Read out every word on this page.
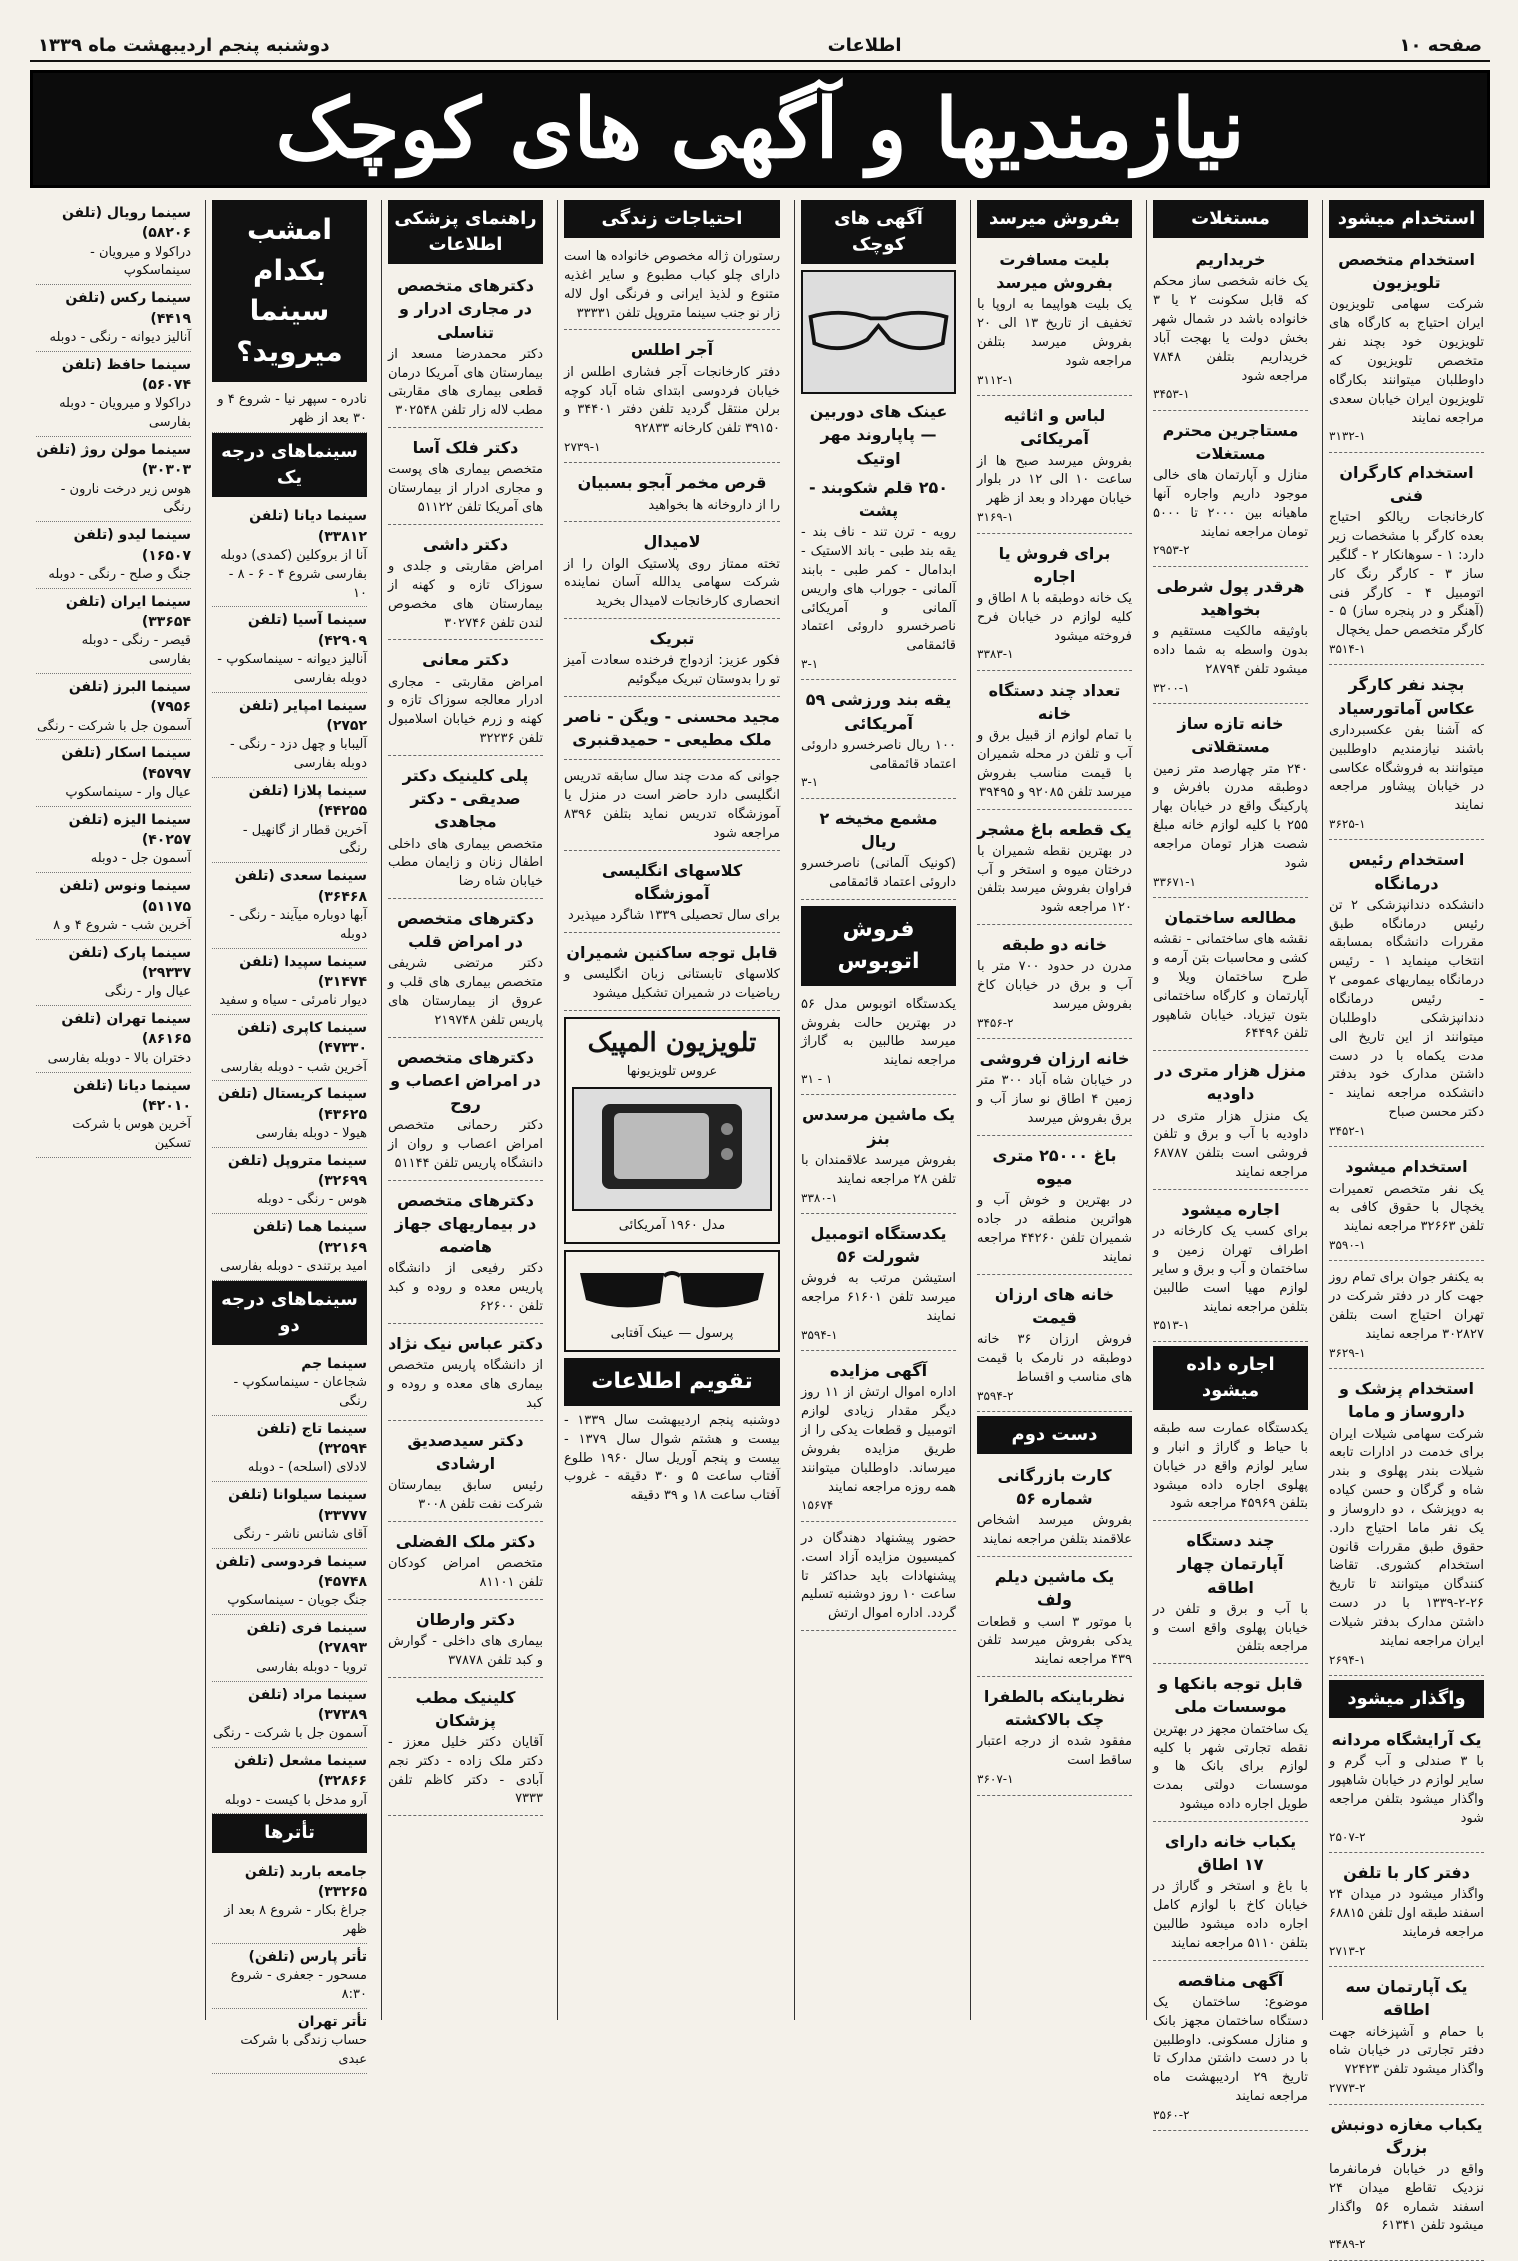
صفحه ۱۰
اطلاعات
دوشنبه پنجم اردیبهشت ماه ۱۳۳۹
نیازمندیها و آگهی های کوچک
استخدام میشود
استخدام متخصص تلویزیون
شرکت سهامی تلویزیون ایران احتیاج به کارگاه های تلویزیون خود بچند نفر متخصص تلویزیون که داوطلبان میتوانند بکارگاه تلویزیون ایران خیابان سعدی مراجعه نمایند
۳۱۳۲-۱
استخدام کارگران فنی
کارخانجات ریالکو احتیاج بعده کارگر با مشخصات زیر دارد: ۱ - سوهانکار ۲ - گلگیر ساز ۳ - کارگر رنگ کار اتومبیل ۴ - کارگر فنی (آهنگر و در پنجره ساز) ۵ - کارگر متخصص حمل یخچال
۳۵۱۴-۱
بچند نفر کارگر عکاس آماتورسیاد
که آشنا بفن عکسبرداری باشند نیازمندیم داوطلبین میتوانند به فروشگاه عکاسی در خیابان پیشاور مراجعه نمایند
۳۶۲۵-۱
استخدام رئیس درمانگاه
دانشکده دندانپزشکی ۲ تن رئیس درمانگاه طبق مقررات دانشگاه بمسابقه انتخاب مینماید ۱ - رئیس درمانگاه بیماریهای عمومی ۲ - رئیس درمانگاه دندانپزشکی داوطلبان میتوانند از این تاریخ الی مدت یکماه با در دست داشتن مدارک خود بدفتر دانشکده مراجعه نمایند - دکتر محسن صباح
۳۴۵۲-۱
استخدام میشود
یک نفر متخصص تعمیرات یخچال با حقوق کافی به تلفن ۳۲۶۶۳ مراجعه نمایند
۳۵۹۰-۱
به یکنفر جوان برای تمام روز جهت کار در دفتر شرکت در تهران احتیاج است بتلفن ۳۰۲۸۲۷ مراجعه نمایند
۳۶۲۹-۱
استخدام پزشک و داروساز و ماما
شرکت سهامی شیلات ایران برای خدمت در ادارات تابعه شیلات بندر پهلوی و بندر شاه و گرگان و حسن کیاده به دوپزشک ، دو داروساز و یک نفر ماما احتیاج دارد. حقوق طبق مقررات قانون استخدام کشوری. تقاضا کنندگان میتوانند تا تاریخ ۲۶-۲-۱۳۳۹ با در دست داشتن مدارک بدفتر شیلات ایران مراجعه نمایند
۲۶۹۴-۱
واگذار میشود
یک آرایشگاه مردانه
با ۳ صندلی و آب گرم و سایر لوازم در خیابان شاهپور واگذار میشود بتلفن مراجعه شود
۲۵۰۷-۲
دفتر کار با تلفن
واگذار میشود در میدان ۲۴ اسفند طبقه اول تلفن ۶۸۸۱۵ مراجعه فرمایند
۲۷۱۳-۲
یک آپارتمان سه اطاقه
با حمام و آشپزخانه جهت دفتر تجارتی در خیابان شاه واگذار میشود تلفن ۷۲۴۲۳
۲۷۷۳-۲
یکباب مغازه دونبش بزرگ
واقع در خیابان فرمانفرما نزدیک تقاطع میدان ۲۴ اسفند شماره ۵۶ واگذار میشود تلفن ۶۱۳۴۱
۳۴۸۹-۲
مستغلات
خریداریم
یک خانه شخصی ساز محکم که قابل سکونت ۲ یا ۳ خانواده باشد در شمال شهر بخش دولت یا بهجت آباد خریداریم بتلفن ۷۸۴۸ مراجعه شود
۳۴۵۳-۱
مستاجرین محترم مستغلات
منازل و آپارتمان های خالی موجود داریم واجاره آنها ماهیانه بین ۲۰۰۰ تا ۵۰۰۰ تومان مراجعه نمایند
۲۹۵۳-۲
هرقدر پول شرطی بخواهید
باوثیقه مالکیت مستقیم و بدون واسطه به شما داده میشود تلفن ۲۸۷۹۴
۳۲۰۰-۱
خانه تازه ساز مستقلاتی
۲۴۰ متر چهارصد متر زمین دوطبقه مدرن بافرش و پارکینگ واقع در خیابان بهار ۲۵۵ با کلیه لوازم خانه مبلغ شصت هزار تومان مراجعه شود
۳۳۶۷۱-۱
مطالعه ساختمان
نقشه های ساختمانی - نقشه کشی و محاسبات بتن آرمه و طرح ساختمان ویلا و آپارتمان و کارگاه ساختمانی بتون تیزیاد. خیابان شاهپور تلفن ۶۴۴۹۶
منزل هزار متری در داودیه
یک منزل هزار متری در داودیه با آب و برق و تلفن فروشی است بتلفن ۶۸۷۸۷ مراجعه نمایند
اجاره میشود
برای کسب یک کارخانه در اطراف تهران زمین و ساختمان و آب و برق و سایر لوازم مهیا است طالبین بتلفن مراجعه نمایند
۳۵۱۳-۱
اجاره داده میشود
یکدستگاه عمارت سه طبقه با حیاط و گاراژ و انبار و سایر لوازم واقع در خیابان پهلوی اجاره داده میشود بتلفن ۴۵۹۶۹ مراجعه شود
چند دستگاه آپارتمان چهار اطاقه
با آب و برق و تلفن در خیابان پهلوی واقع است و مراجعه بتلفن
قابل توجه بانکها و موسسات ملی
یک ساختمان مجهز در بهترین نقطه تجارتی شهر با کلیه لوازم برای بانک ها و موسسات دولتی بمدت طویل اجاره داده میشود
یکباب خانه دارای ۱۷ اطاق
با باغ و استخر و گاراژ در خیابان کاخ با لوازم کامل اجاره داده میشود طالبین بتلفن ۵۱۱۰ مراجعه نمایند
آگهی مناقصه
موضوع: ساختمان یک دستگاه ساختمان مجهز بانک و منازل مسکونی. داوطلبین با در دست داشتن مدارک تا تاریخ ۲۹ اردیبهشت ماه مراجعه نمایند
۳۵۶۰-۲
بفروش میرسد
بلیت مسافرت بفروش میرسد
یک بلیت هواپیما به اروپا با تخفیف از تاریخ ۱۳ الی ۲۰ بفروش میرسد بتلفن مراجعه شود
۳۱۱۲-۱
لباس و اثاثیه آمریکائی
بفروش میرسد صبح ها از ساعت ۱۰ الی ۱۲ در بلوار خیابان مهرداد و بعد از ظهر
۳۱۶۹-۱
برای فروش یا اجاره
یک خانه دوطبقه با ۸ اطاق و کلیه لوازم در خیابان فرح فروخته میشود
۳۳۸۳-۱
تعداد چند دستگاه خانه
با تمام لوازم از قبیل برق و آب و تلفن در محله شمیران با قیمت مناسب بفروش میرسد تلفن ۹۲۰۸۵ و ۳۹۴۹۵
یک قطعه باغ مشجر
در بهترین نقطه شمیران با درختان میوه و استخر و آب فراوان بفروش میرسد بتلفن ۱۲۰ مراجعه شود
خانه دو طبقه
مدرن در حدود ۷۰۰ متر با آب و برق در خیابان کاخ بفروش میرسد
۳۴۵۶-۲
خانه ارزان فروشی
در خیابان شاه آباد ۳۰۰ متر زمین ۴ اطاق نو ساز آب و برق بفروش میرسد
باغ ۲۵۰۰۰ متری میوه
در بهترین و خوش آب و هواترین منطقه در جاده شمیران تلفن ۴۴۲۶۰ مراجعه نمایند
خانه های ارزان قیمت
فروش ارزان ۳۶ خانه دوطبقه در نارمک با قیمت های مناسب و اقساط
۳۵۹۴-۲
دست دوم
کارت بازرگانی شماره ۵۶
بفروش میرسد اشخاص علاقمند بتلفن مراجعه نمایند
یک ماشین دیلم ولف
با موتور ۳ اسب و قطعات یدکی بفروش میرسد تلفن ۴۳۹ مراجعه نمایند
نظرباینکه بالطفرا چک بالاکشته
مفقود شده از درجه اعتبار ساقط است
۳۶۰۷-۱
آگهی های کوچک
عینک های دوربین — پاپاروند مهر اوتیک
۲۵۰ قلم شکوبند - پشت
رویه - ترن تند - ناف بند - یقه بند طبی - باند الاستیک - ابدامال - کمر طبی - بابند آلمانی - جوراب های واریس آلمانی و آمریکائی ناصرخسرو داروئی اعتماد قائمقامی
۳-۱
یقه بند ورزشی ۵۹ آمریکائی
۱۰۰ ریال ناصرخسرو داروئی اعتماد قائمقامی
۳-۱
مشمع مخیخه ۲ ریال
(کونیک آلمانی) ناصرخسرو داروئی اعتماد قائمقامی
فروش اتوبوس
یکدستگاه اتوبوس مدل ۵۶ در بهترین حالت بفروش میرسد طالبین به گاراژ مراجعه نمایند
۳۱ - ۱
یک ماشین مرسدس بنز
بفروش میرسد علاقمندان با تلفن ۲۸ مراجعه نمایند
۳۳۸۰-۱
یکدستگاه اتومبیل شورلت ۵۶
استیشن مرتب به فروش میرسد تلفن ۶۱۶۰۱ مراجعه نمایند
۳۵۹۴-۱
آگهی مزایده
اداره اموال ارتش از ۱۱ روز دیگر مقدار زیادی لوازم اتومبیل و قطعات یدکی را از طریق مزایده بفروش میرساند. داوطلبان میتوانند همه روزه مراجعه نمایند
۱۵۶۷۴
حضور پیشنهاد دهندگان در کمیسیون مزایده آزاد است. پیشنهادات باید حداکثر تا ساعت ۱۰ روز دوشنبه تسلیم گردد. اداره اموال ارتش
احتیاجات زندگی
رستوران ژاله مخصوص خانواده ها است دارای چلو کباب مطبوع و سایر اغذیه متنوع و لذیذ ایرانی و فرنگی اول لاله زار نو جنب سینما متروپل تلفن ۳۳۳۳۱
آجر اطلس
دفتر کارخانجات آجر فشاری اطلس از خیابان فردوسی ابتدای شاه آباد کوچه برلن منتقل گردید تلفن دفتر ۳۴۴۰۱ و ۳۹۱۵۰ تلفن کارخانه ۹۲۸۳۳
۲۷۳۹-۱
قرص مخمر آبجو بسبیان
را از داروخانه ها بخواهید
لامیدال
تخته ممتاز روی پلاستیک الوان را از شرکت سهامی یدالله آسان نماینده انحصاری کارخانجات لامیدال بخرید
تبریک
فکور عزیز: ازدواج فرخنده سعادت آمیز تو را بدوستان تبریک میگوئیم
مجید محسنی - ویگن - ناصر ملک مطیعی - حمیدقنبری
جوانی که مدت چند سال سابقه تدریس انگلیسی دارد حاضر است در منزل یا آموزشگاه تدریس نماید بتلفن ۸۳۹۶ مراجعه شود
کلاسهای انگلیسی آموزشگاه
برای سال تحصیلی ۱۳۳۹ شاگرد میپذیرد
قابل توجه ساکنین شمیران
کلاسهای تابستانی زبان انگلیسی و ریاضیات در شمیران تشکیل میشود
تلویزیون المپیک
عروس تلویزیونها
مدل ۱۹۶۰ آمریکائی
پرسول — عینک آفتابی
تقویم اطلاعات
دوشنبه پنجم اردیبهشت سال ۱۳۳۹ - بیست و هشتم شوال سال ۱۳۷۹ - بیست و پنجم آوریل سال ۱۹۶۰ طلوع آفتاب ساعت ۵ و ۳۰ دقیقه - غروب آفتاب ساعت ۱۸ و ۳۹ دقیقه
راهنمای پزشکی اطلاعات
دکترهای متخصص در مجاری ادرار و تناسلی
دکتر محمدرضا مسعد از بیمارستان های آمریکا درمان قطعی بیماری های مقاربتی مطب لاله زار تلفن ۳۰۲۵۴۸
دکتر فلک آسا
متخصص بیماری های پوست و مجاری ادرار از بیمارستان های آمریکا تلفن ۵۱۱۲۲
دکتر داشی
امراض مقاربتی و جلدی و سوزاک تازه و کهنه از بیمارستان های مخصوص لندن تلفن ۳۰۲۷۴۶
دکتر معانی
امراض مقاربتی - مجاری ادرار معالجه سوزاک تازه و کهنه و زرم خیابان اسلامبول تلفن ۳۲۲۳۶
پلی کلینیک دکتر صدیقی - دکتر مجاهدی
متخصص بیماری های داخلی اطفال زنان و زایمان مطب خیابان شاه رضا
دکترهای متخصص در امراض قلب
دکتر مرتضی شریفی متخصص بیماری های قلب و عروق از بیمارستان های پاریس تلفن ۲۱۹۷۴۸
دکترهای متخصص در امراض اعصاب و روح
دکتر رحمانی متخصص امراض اعصاب و روان از دانشگاه پاریس تلفن ۵۱۱۴۴
دکترهای متخصص در بیماریهای جهاز هاضمه
دکتر رفیعی از دانشگاه پاریس معده و روده و کبد تلفن ۶۲۶۰۰
دکتر عباس نیک نژاد
از دانشگاه پاریس متخصص بیماری های معده و روده و کبد
دکتر سیدصدیق ارشادی
رئیس سابق بیمارستان شرکت نفت تلفن ۳۰۰۸
دکتر ملک الفضلی
متخصص امراض کودکان تلفن ۸۱۱۰۱
دکتر وارطان
بیماری های داخلی - گوارش و کبد تلفن ۳۷۸۷۸
کلینیک مطب پزشکان
آقایان دکتر خلیل معزز - دکتر ملک زاده - دکتر نجم آبادی - دکتر کاظم تلفن ۷۳۳۳
امشب بکدام سینما میروید؟
نادره - سپهر نیا - شروع ۴ و ۳۰ بعد از ظهر
سینماهای درجه یک
سینما دیانا (تلفن ۳۳۸۱۲)
آنا از بروکلین (کمدی) دوبله بفارسی شروع ۴ - ۶ - ۸ - ۱۰
سینما آسیا (تلفن ۴۲۹۰۹)
آنالیز دیوانه - سینماسکوپ - دوبله بفارسی
سینما امپایر (تلفن ۲۷۵۲)
آلیبابا و چهل دزد - رنگی - دوبله بفارسی
سینما پلازا (تلفن ۴۴۲۵۵)
آخرین قطار از گانهیل - رنگی
سینما سعدی (تلفن ۳۶۴۶۸)
آبها دوباره میآیند - رنگی - دوبله
سینما سپیدا (تلفن ۳۱۴۷۴)
دیوار نامرئی - سیاه و سفید
سینما کاپری (تلفن ۴۷۳۳۰)
آخرین شب - دوبله بفارسی
سینما کریستال (تلفن ۴۳۶۲۵)
هیولا - دوبله بفارسی
سینما متروپل (تلفن ۳۲۶۹۹)
هوس - رنگی - دوبله
سینما هما (تلفن ۳۲۱۶۹)
امید برتندی - دوبله بفارسی
سینماهای درجه دو
سینما جم
شجاعان - سینماسکوپ - رنگی
سینما تاج (تلفن ۳۲۵۹۴)
لادلای (اسلحه) - دوبله
سینما سیلوانا (تلفن ۳۳۷۷۷)
آقای شانس ناشر - رنگی
سینما فردوسی (تلفن ۴۵۷۴۸)
جنگ جویان - سینماسکوپ
سینما فری (تلفن ۲۷۸۹۳)
ترویا - دوبله بفارسی
سینما مراد (تلفن ۳۷۳۸۹)
آسمون جل با شرکت - رنگی
سینما مشعل (تلفن ۳۲۸۶۶)
آرو مدخل با کیست - دوبله
تأترها
جامعه باربد (تلفن ۳۳۲۶۵)
جراغ بکار - شروع ۸ بعد از ظهر
تأتر پارس (تلفن)
مسحور - جعفری - شروع ۸:۳۰
تأتر تهران
حساب زندگی با شرکت عبدی
سینما رویال (تلفن ۵۸۲۰۶)
دراکولا و میرویان - سینماسکوپ
سینما رکس (تلفن ۴۴۱۹)
آنالیز دیوانه - رنگی - دوبله
سینما حافظ (تلفن ۵۶۰۷۴)
دراکولا و میرویان - دوبله بفارسی
سینما مولن روژ (تلفن ۳۰۳۰۳)
هوس زیر درخت نارون - رنگی
سینما لیدو (تلفن ۱۶۵۰۷)
جنگ و صلح - رنگی - دوبله
سینما ایران (تلفن ۳۳۶۵۴)
قیصر - رنگی - دوبله بفارسی
سینما البرز (تلفن ۷۹۵۶)
آسمون جل با شرکت - رنگی
سینما اسکار (تلفن ۴۵۷۹۷)
عیال وار - سینماسکوپ
سینما الیزه (تلفن ۴۰۲۵۷)
آسمون جل - دوبله
سینما ونوس (تلفن ۵۱۱۷۵)
آخرین شب - شروع ۴ و ۸
سینما پارک (تلفن ۲۹۳۳۷)
عیال وار - رنگی
سینما تهران (تلفن ۸۶۱۶۵)
دختران بالا - دوبله بفارسی
سینما دیانا (تلفن ۴۲۰۱۰)
آخرین هوس با شرکت تسکین
